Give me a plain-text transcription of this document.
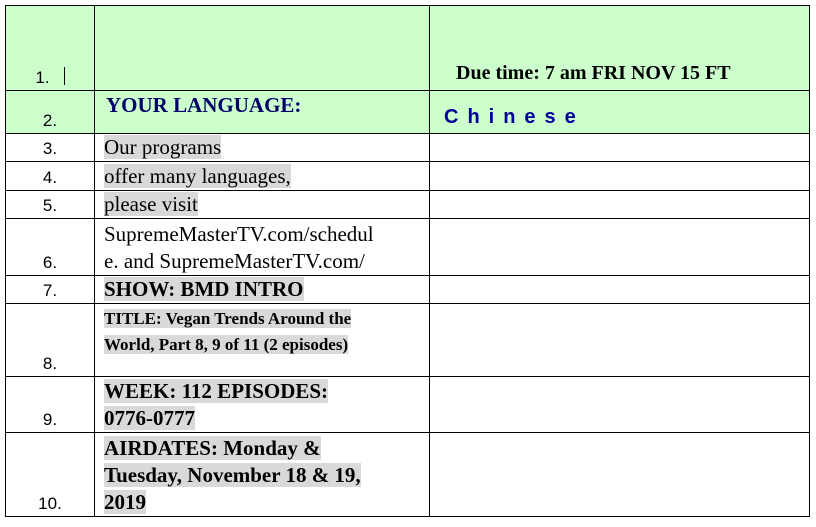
1.		Due time: 7 am FRI NOV 15 FT
2.	YOUR LANGUAGE:	Chinese
3.	Our programs	
4.	offer many languages,	
5.	please visit	
6.	SupremeMasterTV.com/schedul
e. and SupremeMasterTV.com/	
7.	SHOW: BMD INTRO	
8.	TITLE: Vegan Trends Around the
World, Part 8, 9 of 11 (2 episodes)	
9.	WEEK: 112 EPISODES:
0776-0777	
10.	AIRDATES: Monday &
Tuesday, November 18 & 19,
2019	
